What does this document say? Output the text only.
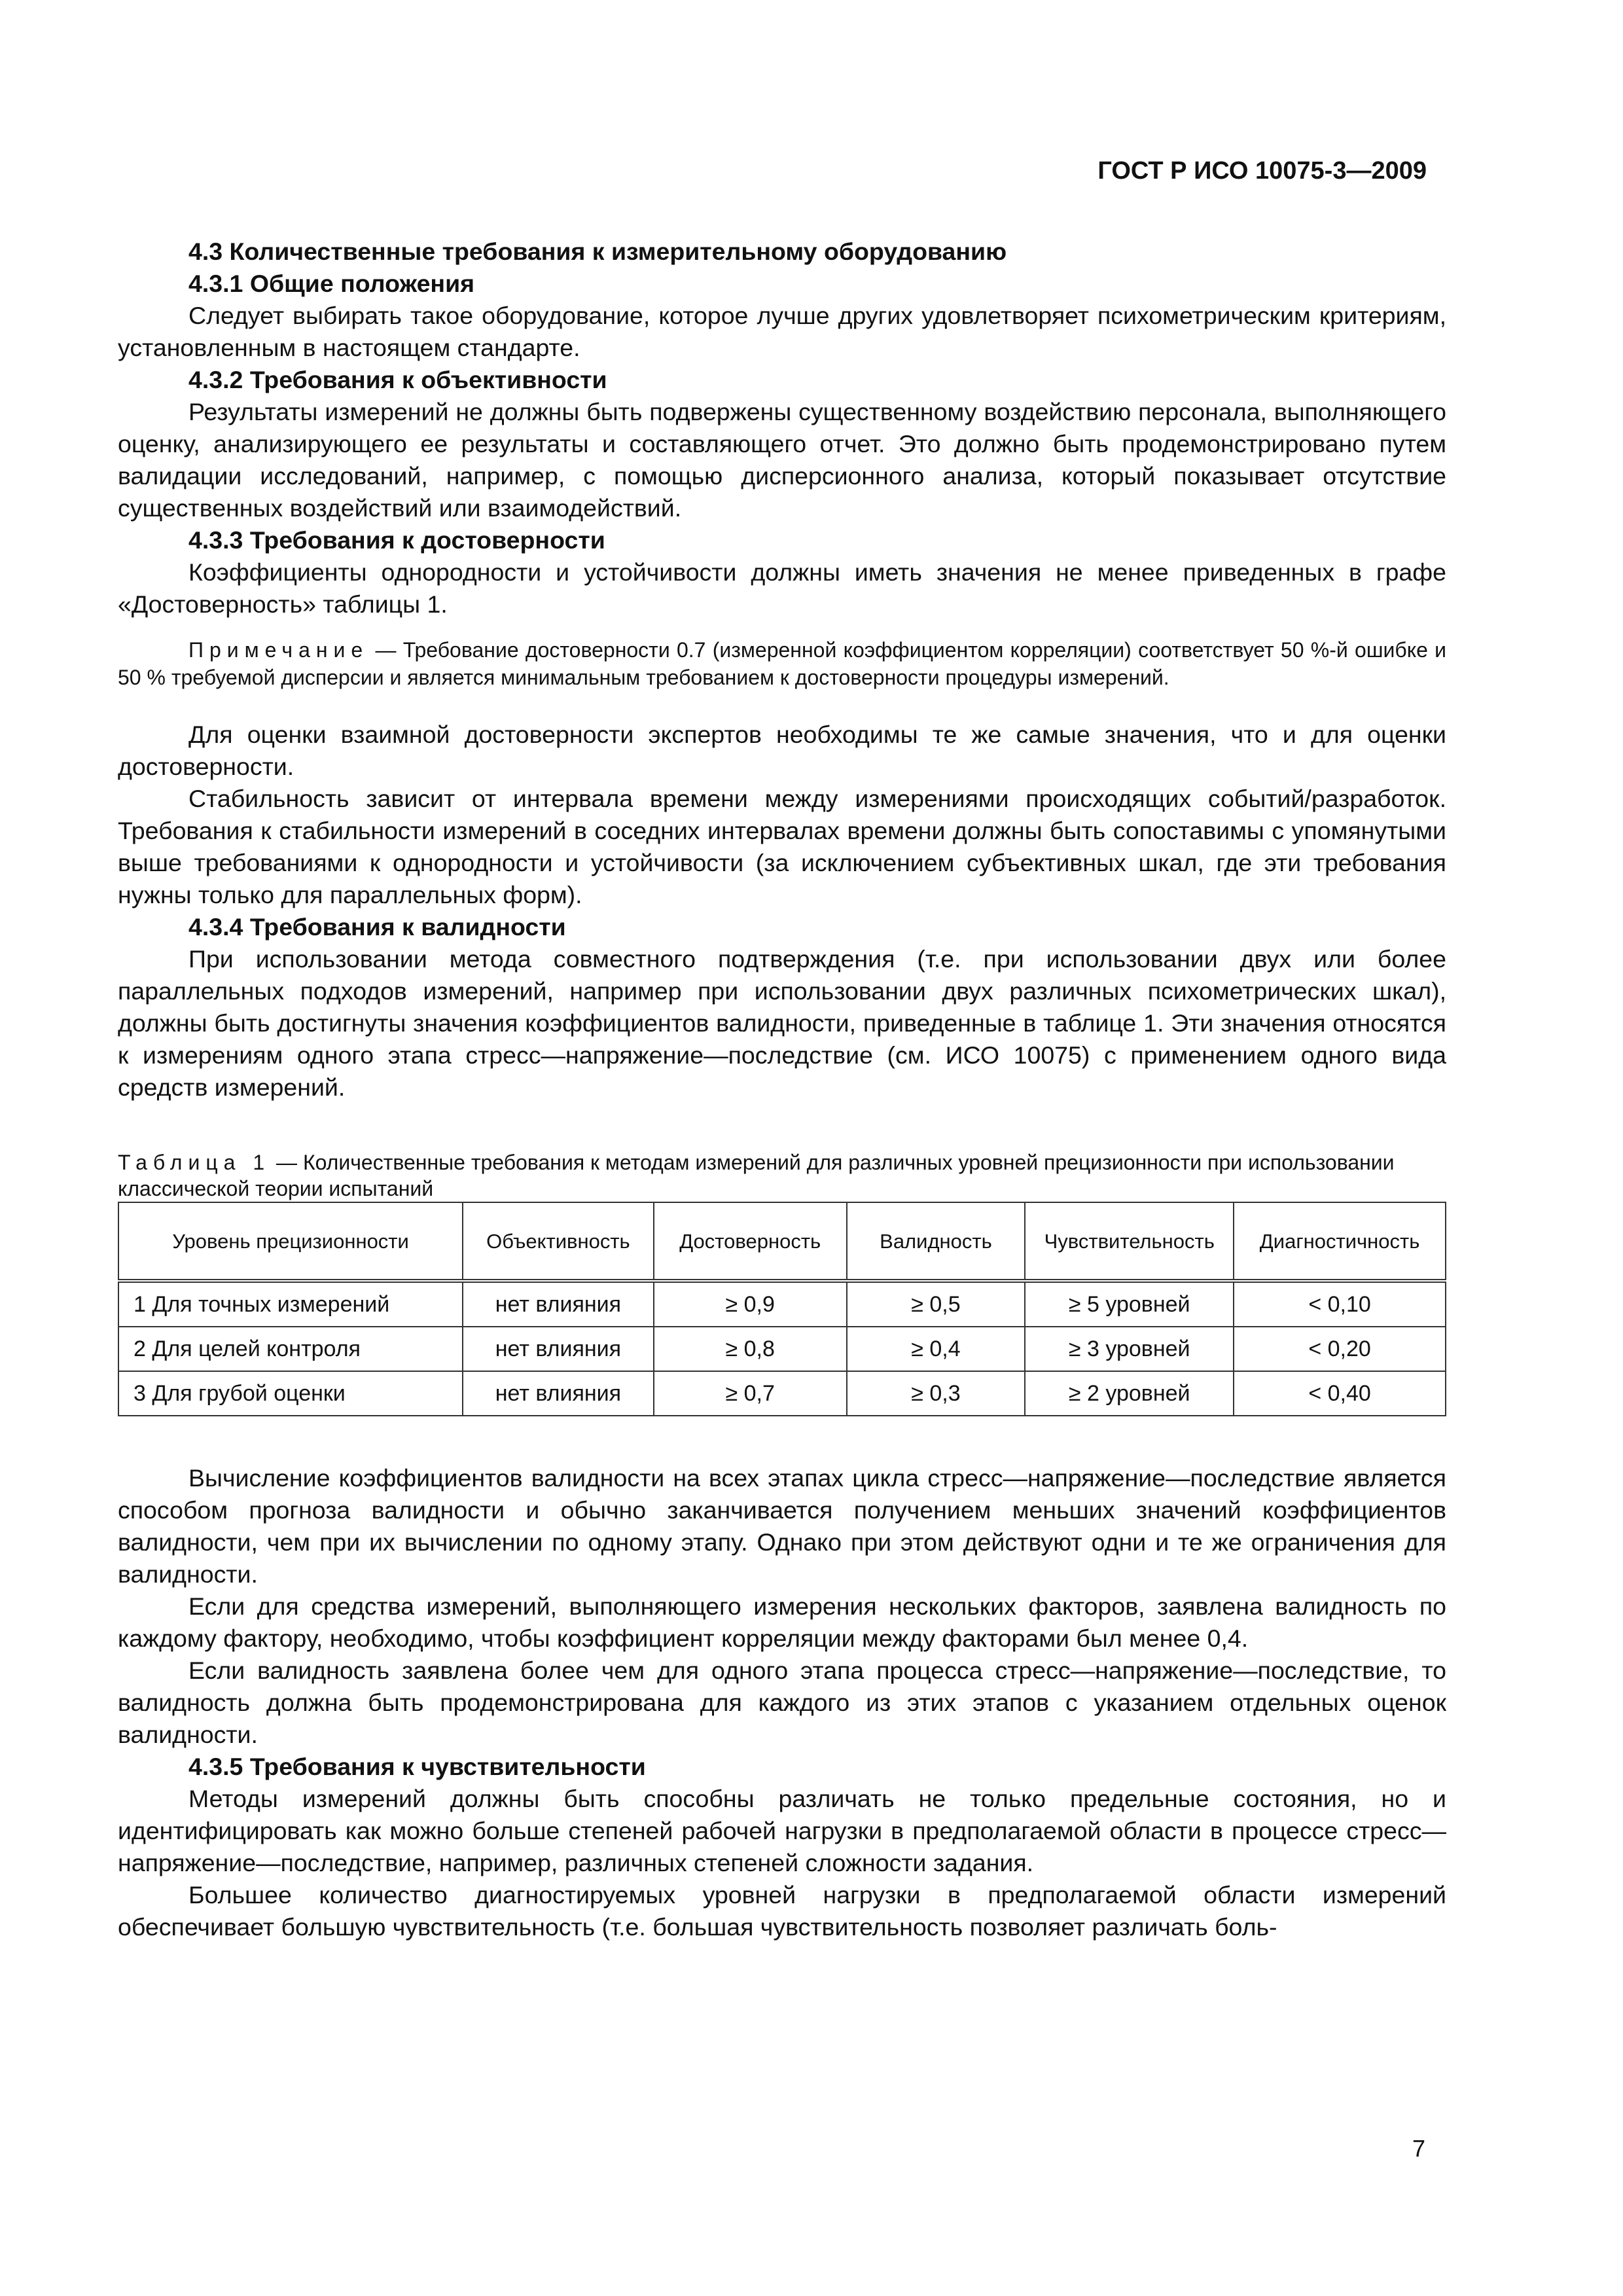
ГОСТ Р ИСО 10075-3—2009

4.3 Количественные требования к измерительному оборудованию
4.3.1 Общие положения

Следует выбирать такое оборудование, которое лучше других удовлетворяет психометрическим критериям, установленным в настоящем стандарте.

4.3.2 Требования к объективности

Результаты измерений не должны быть подвержены существенному воздействию персонала, выполняющего оценку, анализирующего ее результаты и составляющего отчет. Это должно быть продемонстрировано путем валидации исследований, например, с помощью дисперсионного анализа, который показывает отсутствие существенных воздействий или взаимодействий.

4.3.3 Требования к достоверности

Коэффициенты однородности и устойчивости должны иметь значения не менее приведенных в графе «Достоверность» таблицы 1.

Примечание — Требование достоверности 0.7 (измеренной коэффициентом корреляции) соответствует 50 %-й ошибке и 50 % требуемой дисперсии и является минимальным требованием к достоверности процедуры измерений.

Для оценки взаимной достоверности экспертов необходимы те же самые значения, что и для оценки достоверности.

Стабильность зависит от интервала времени между измерениями происходящих событий/разработок. Требования к стабильности измерений в соседних интервалах времени должны быть сопоставимы с упомянутыми выше требованиями к однородности и устойчивости (за исключением субъективных шкал, где эти требования нужны только для параллельных форм).

4.3.4 Требования к валидности

При использовании метода совместного подтверждения (т.е. при использовании двух или более параллельных подходов измерений, например при использовании двух различных психометрических шкал), должны быть достигнуты значения коэффициентов валидности, приведенные в таблице 1. Эти значения относятся к измерениям одного этапа стресс—напряжение—последствие (см. ИСО 10075) с применением одного вида средств измерений.

Таблица 1 — Количественные требования к методам измерений для различных уровней прецизионности при использовании классической теории испытаний

Уровень прецизионности	Объективность	Достоверность	Валидность	Чувствительность	Диагностичность
1 Для точных измерений	нет влияния	≥ 0,9	≥ 0,5	≥ 5 уровней	< 0,10
2 Для целей контроля	нет влияния	≥ 0,8	≥ 0,4	≥ 3 уровней	< 0,20
3 Для грубой оценки	нет влияния	≥ 0,7	≥ 0,3	≥ 2 уровней	< 0,40

Вычисление коэффициентов валидности на всех этапах цикла стресс—напряжение—последствие является способом прогноза валидности и обычно заканчивается получением меньших значений коэффициентов валидности, чем при их вычислении по одному этапу. Однако при этом действуют одни и те же ограничения для валидности.

Если для средства измерений, выполняющего измерения нескольких факторов, заявлена валидность по каждому фактору, необходимо, чтобы коэффициент корреляции между факторами был менее 0,4.

Если валидность заявлена более чем для одного этапа процесса стресс—напряжение—последствие, то валидность должна быть продемонстрирована для каждого из этих этапов с указанием отдельных оценок валидности.

4.3.5 Требования к чувствительности

Методы измерений должны быть способны различать не только предельные состояния, но и идентифицировать как можно больше степеней рабочей нагрузки в предполагаемой области в процессе стресс—напряжение—последствие, например, различных степеней сложности задания.

Большее количество диагностируемых уровней нагрузки в предполагаемой области измерений обеспечивает большую чувствительность (т.е. большая чувствительность позволяет различать боль-

7
